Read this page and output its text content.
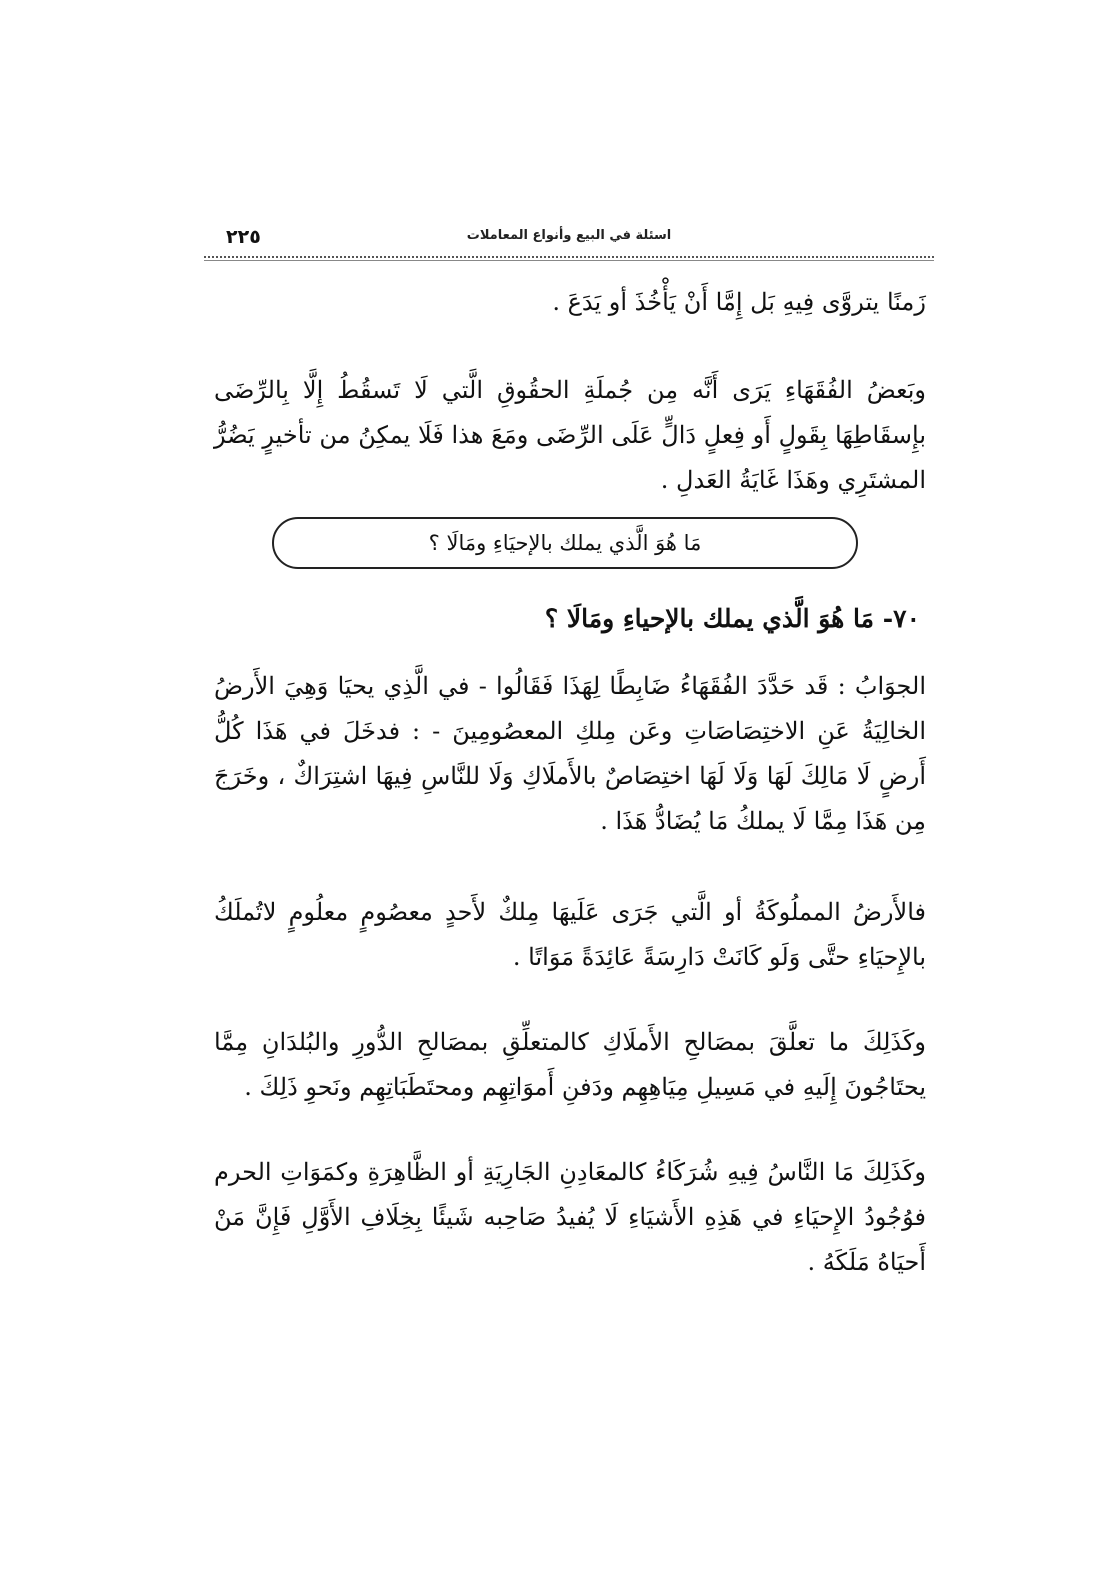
اسئلة في البيع وأنواع المعاملات
٢٢٥

زَمنًا يتروَّى فِيهِ بَل إِمَّا أَنْ يَأْخُذَ أو يَدَعَ .

وبَعضُ الفُقَهَاءِ يَرَى أَنَّه مِن جُملَةِ الحقُوقِ الَّتي لَا تَسقُطُ إِلَّا بِالرِّضَى بإِسقَاطِهَا بِقَولٍ أَو فِعلٍ دَالٍّ عَلَى الرِّضَى ومَعَ هذا فَلَا يمكِنُ من تأخيرٍ يَضُرُّ المشتَرِي وهَذَا غَايَةُ العَدلِ .

مَا هُوَ الَّذي يملك بالإحيَاءِ ومَالَا ؟
٧٠- مَا هُوَ الَّذي يملك بالإحياءِ ومَالَا ؟

الجوَابُ : قَد حَدَّدَ الفُقَهَاءُ ضَابِطًا لِهَذَا فَقَالُوا - في الَّذِي يحيَا وَهِيَ الأَرضُ الخالِيَةُ عَنِ الاختِصَاصَاتِ وعَن مِلكِ المعصُومِينَ - : فدخَلَ في هَذَا كُلُّ أَرضٍ لَا مَالِكَ لَهَا وَلَا لَهَا اختِصَاصٌ بالأَملَاكِ وَلَا للنَّاسِ فِيهَا اشتِرَاكٌ ، وخَرَجَ مِن هَذَا مِمَّا لَا يملكُ مَا يُضَادُّ هَذَا .

فالأَرضُ المملُوكَةُ أو الَّتي جَرَى عَلَيهَا مِلكٌ لأَحدٍ معصُومٍ معلُومٍ لاتُملَكُ بالإِحيَاءِ حتَّى وَلَو كَانَتْ دَارِسَةً عَائِدَةً مَوَاتًا .

وكَذَلِكَ ما تعلَّقَ بمصَالحِ الأَملَاكِ كالمتعلِّقِ بمصَالحِ الدُّورِ والبُلدَانِ مِمَّا يحتَاجُونَ إِلَيهِ في مَسِيلِ مِيَاهِهِم ودَفنِ أَموَاتِهِم ومحتَطَبَاتِهِم ونَحوِ ذَلِكَ .

وكَذَلِكَ مَا النَّاسُ فِيهِ شُرَكَاءُ كالمعَادِنِ الجَارِيَةِ أو الظَّاهِرَةِ وكمَوَاتِ الحرم فوُجُودُ الإِحيَاءِ في هَذِهِ الأَشيَاءِ لَا يُفيدُ صَاحِبه شَيئًا بِخِلَافِ الأَوَّلِ فَإِنَّ مَنْ أَحيَاهُ مَلَكَهُ .
